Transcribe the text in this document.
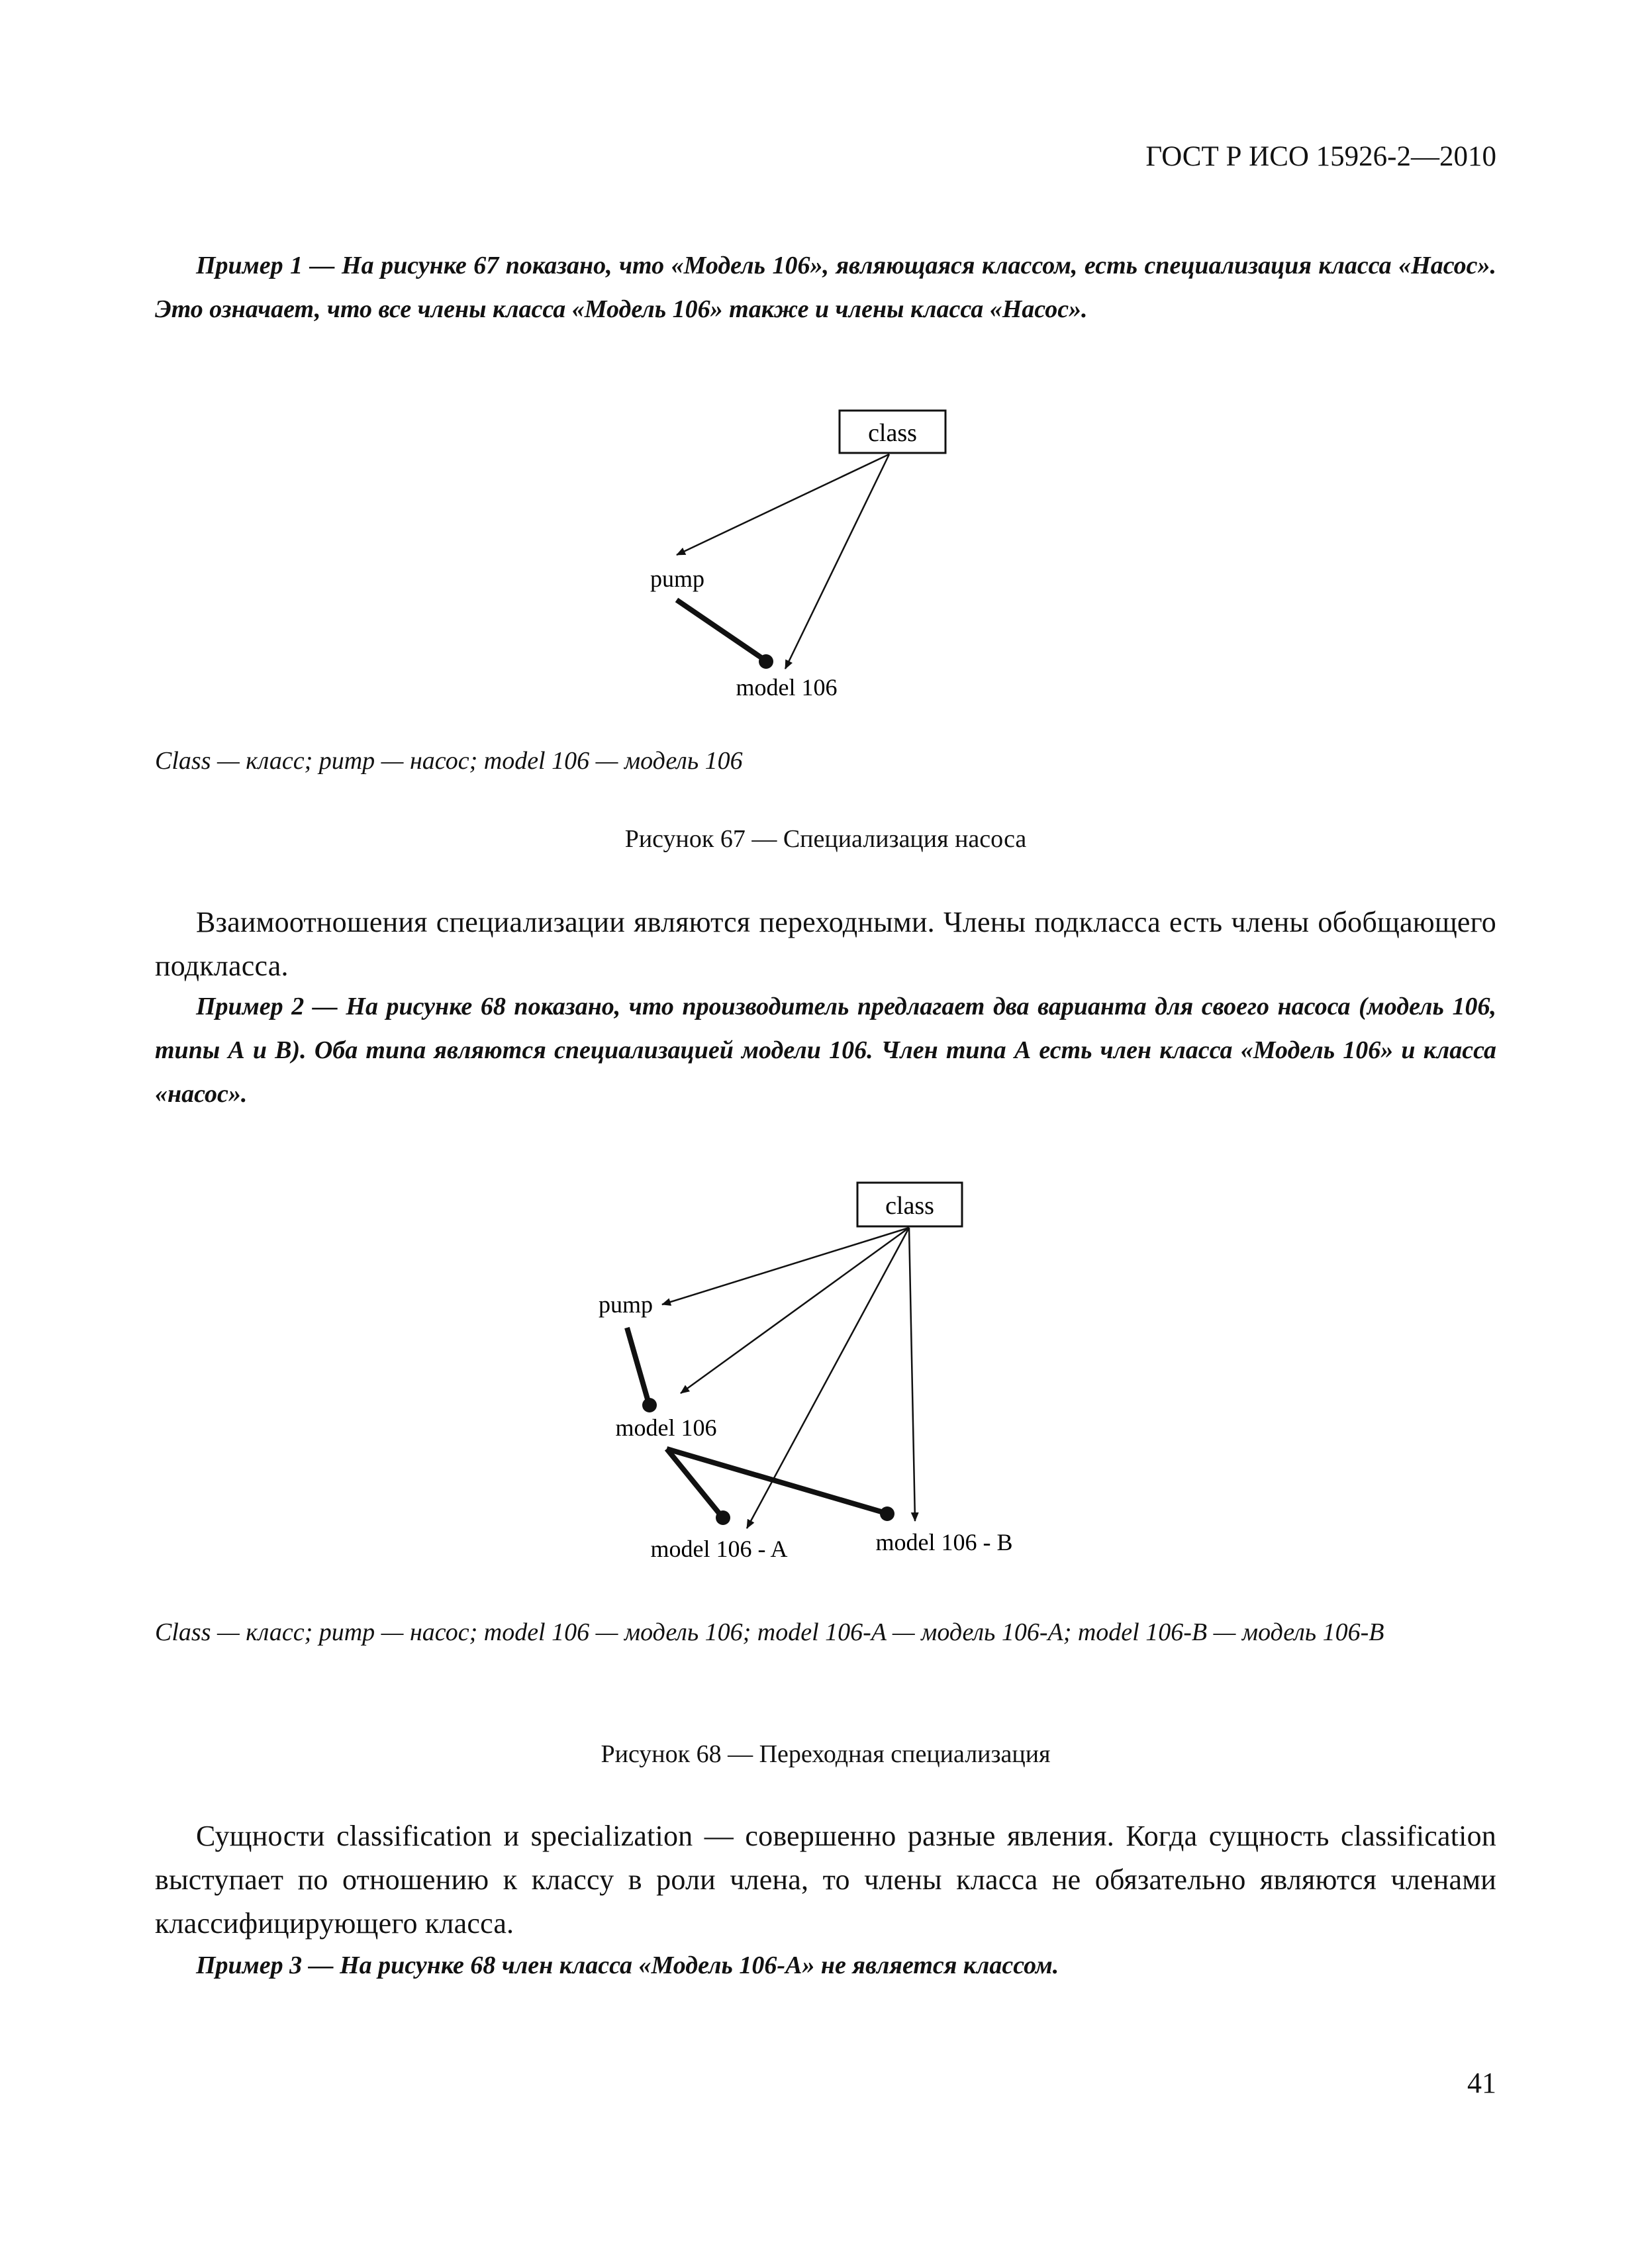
ГОСТ Р ИСО 15926-2—2010
Пример 1 — На рисунке 67 показано, что «Модель 106», являющаяся классом, есть специализация класса «Насос». Это означает, что все члены класса «Модель 106» также и члены класса «Насос».
class
pump
model 106
Class — класс; pump — насос; model 106 — модель 106
Рисунок 67 — Специализация насоса
Взаимоотношения специализации являются переходными. Члены подкласса есть члены обобщающего подкласса.
Пример 2 — На рисунке 68 показано, что производитель предлагает два варианта для своего насоса (модель 106, типы А и В). Оба типа являются специализацией модели 106. Член типа А есть член класса «Модель 106» и класса «насос».
class
pump
model 106
model 106 - A	model 106 - B
Class — класс; pump — насос; model 106 — модель 106; model 106-A — модель 106-A; model 106-B — модель 106-B
Рисунок 68 — Переходная специализация
Сущности classification и specialization — совершенно разные явления. Когда сущность classification выступает по отношению к классу в роли члена, то члены класса не обязательно являются членами классифицирующего класса.
Пример 3 — На рисунке 68 член класса «Модель 106-А» не является классом.
41
